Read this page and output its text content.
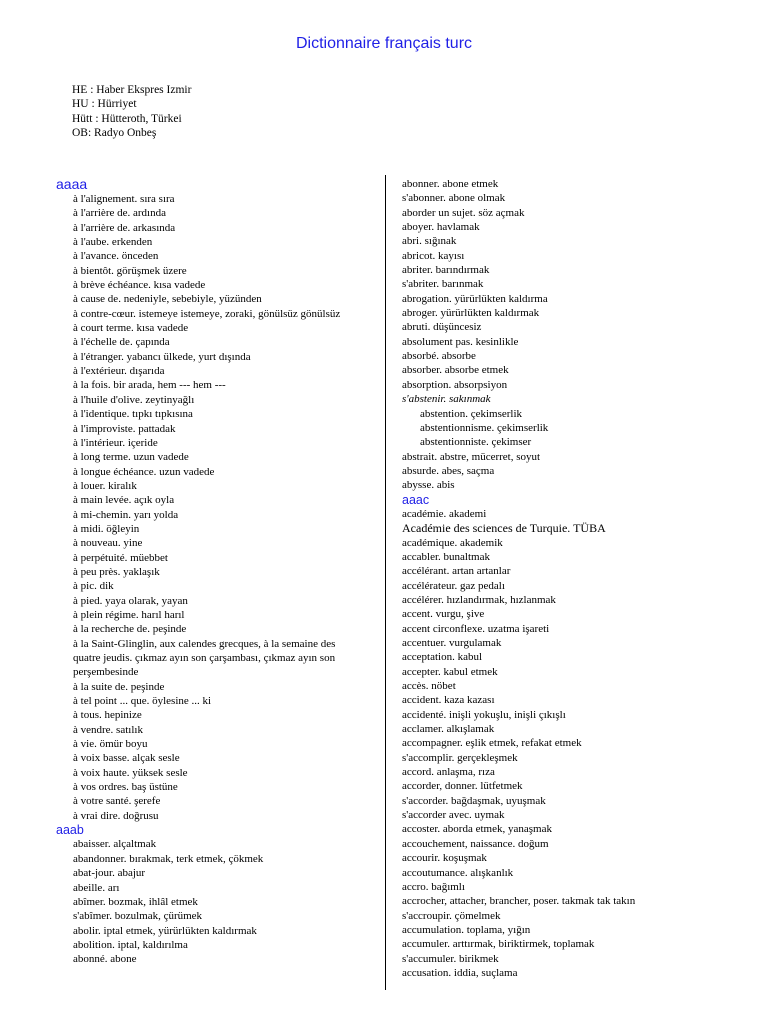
Dictionnaire français turc
HE : Haber Ekspres Izmir
HU : Hürriyet
Hütt : Hütteroth, Türkei
OB: Radyo Onbeş
aaaa
à l'alignement. sıra sıra
à l'arrière de. ardında
à l'arrière de. arkasında
à l'aube. erkenden
à l'avance. önceden
à bientôt. görüşmek üzere
à brève échéance. kısa vadede
à cause de. nedeniyle, sebebiyle, yüzünden
à contre-cœur. istemeye istemeye, zoraki, gönülsüz gönülsüz
à court terme. kısa vadede
à l'échelle de. çapında
à l'étranger. yabancı ülkede, yurt dışında
à l'extérieur. dışarıda
à la fois. bir arada, hem --- hem ---
à l'huile d'olive. zeytinyağlı
à l'identique. tıpkı tıpkısına
à l'improviste. pattadak
à l'intérieur. içeride
à long terme. uzun vadede
à longue échéance. uzun vadede
à louer. kiralık
à main levée. açık oyla
à mi-chemin. yarı yolda
à midi. öğleyin
à nouveau. yine
à perpétuité. müebbet
à peu près. yaklaşık
à pic. dik
à pied. yaya olarak, yayan
à plein régime. harıl harıl
à la recherche de. peşinde
à la Saint-Glinglin, aux calendes grecques, à la semaine des quatre jeudis. çıkmaz ayın son çarşambası, çıkmaz ayın son perşembesinde
à la suite de. peşinde
à tel point ... que. öylesine ... ki
à tous. hepinize
à vendre. satılık
à vie. ömür boyu
à voix basse. alçak sesle
à voix haute. yüksek sesle
à vos ordres. baş üstüne
à votre santé. şerefe
à vrai dire. doğrusu
aaab
abaisser. alçaltmak
abandonner. bırakmak, terk etmek, çökmek
abat-jour. abajur
abeille. arı
abîmer. bozmak, ihlâl etmek
s'abîmer. bozulmak, çürümek
abolir. iptal etmek, yürürlükten kaldırmak
abolition. iptal, kaldırılma
abonné. abone
abonner. abone etmek
s'abonner. abone olmak
aborder un sujet. söz açmak
aboyer. havlamak
abri. sığınak
abricot. kayısı
abriter. barındırmak
s'abriter. barınmak
abrogation. yürürlükten kaldırma
abroger. yürürlükten kaldırmak
abruti. düşüncesiz
absolument pas. kesinlikle
absorbé. absorbe
absorber. absorbe etmek
absorption. absorpsiyon
s'abstenir. sakınmak
abstention. çekimserlik
abstentionnisme. çekimserlik
abstentionniste. çekimser
abstrait. abstre, mücerret, soyut
absurde. abes, saçma
abysse. abis
aaac
académie. akademi
Académie des sciences de Turquie. TÜBA
académique. akademik
accabler. bunaltmak
accélérant. artan artanlar
accélérateur. gaz pedalı
accélérer. hızlandırmak, hızlanmak
accent. vurgu, şive
accent circonflexe. uzatma işareti
accentuer. vurgulamak
acceptation. kabul
accepter. kabul etmek
accès. nöbet
accident. kaza kazası
accidenté. inişli yokuşlu, inişli çıkışlı
acclamer. alkışlamak
accompagner. eşlik etmek, refakat etmek
s'accomplir. gerçekleşmek
accord. anlaşma, rıza
accorder, donner. lütfetmek
s'accorder. bağdaşmak, uyuşmak
s'accorder avec. uymak
accoster. aborda etmek, yanaşmak
accouchement, naissance. doğum
accourir. koşuşmak
accoutumance. alışkanlık
accro. bağımlı
accrocher, attacher, brancher, poser. takmak tak takın
s'accroupir. çömelmek
accumulation. toplama, yığın
accumuler. arttırmak, biriktirmek, toplamak
s'accumuler. birikmek
accusation. iddia, suçlama
